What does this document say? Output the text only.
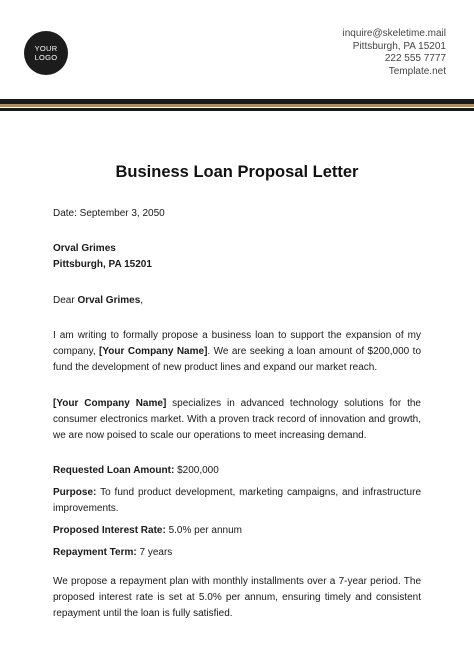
YOUR
LOGO
inquire@skeletime.mail
Pittsburgh, PA 15201
222 555 7777
Template.net
Business Loan Proposal Letter
Date: September 3, 2050
Orval Grimes
Pittsburgh, PA 15201
Dear Orval Grimes,
I am writing to formally propose a business loan to support the expansion of my company, [Your Company Name]. We are seeking a loan amount of $200,000 to fund the development of new product lines and expand our market reach.
[Your Company Name] specializes in advanced technology solutions for the consumer electronics market. With a proven track record of innovation and growth, we are now poised to scale our operations to meet increasing demand.
Requested Loan Amount: $200,000
Purpose: To fund product development, marketing campaigns, and infrastructure improvements.
Proposed Interest Rate: 5.0% per annum
Repayment Term: 7 years
We propose a repayment plan with monthly installments over a 7-year period. The proposed interest rate is set at 5.0% per annum, ensuring timely and consistent repayment until the loan is fully satisfied.
